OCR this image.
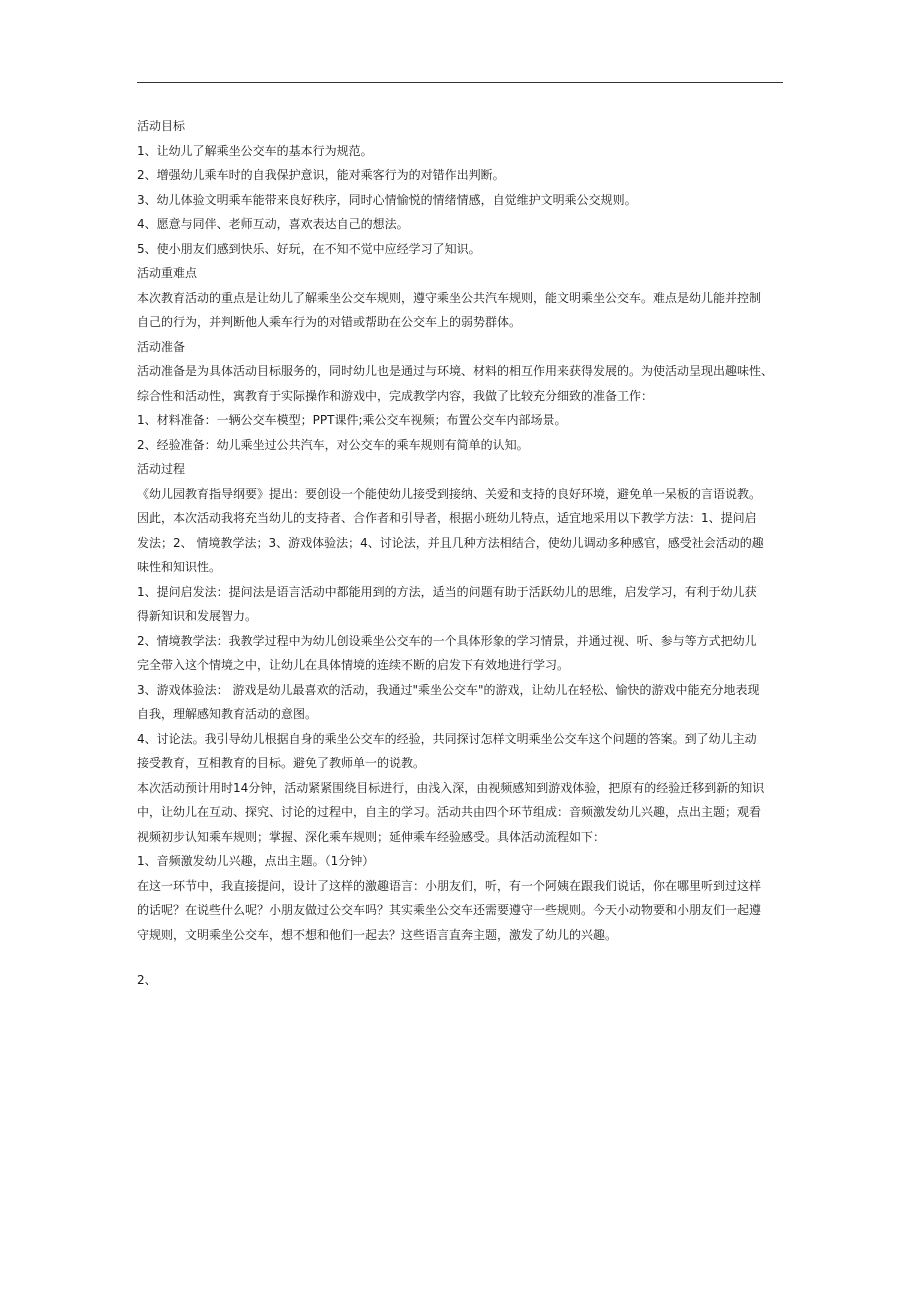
活动目标
1、让幼儿了解乘坐公交车的基本行为规范。
2、增强幼儿乘车时的自我保护意识，能对乘客行为的对错作出判断。
3、幼儿体验文明乘车能带来良好秩序，同时心情愉悦的情绪情感，自觉维护文明乘公交规则。
4、愿意与同伴、老师互动，喜欢表达自己的想法。
5、使小朋友们感到快乐、好玩，在不知不觉中应经学习了知识。
活动重难点
本次教育活动的重点是让幼儿了解乘坐公交车规则，遵守乘坐公共汽车规则，能文明乘坐公交车。难点是幼儿能并控制
自己的行为，并判断他人乘车行为的对错或帮助在公交车上的弱势群体。
活动准备
活动准备是为具体活动目标服务的，同时幼儿也是通过与环境、材料的相互作用来获得发展的。为使活动呈现出趣味性、
综合性和活动性，寓教育于实际操作和游戏中，完成教学内容，我做了比较充分细致的准备工作：
1、材料准备：一辆公交车模型；PPT课件;乘公交车视频；布置公交车内部场景。
2、经验准备：幼儿乘坐过公共汽车，对公交车的乘车规则有简单的认知。
活动过程
《幼儿园教育指导纲要》提出：要创设一个能使幼儿接受到接纳、关爱和支持的良好环境，避免单一呆板的言语说教。
因此，本次活动我将充当幼儿的支持者、合作者和引导者，根据小班幼儿特点，适宜地采用以下教学方法：1、提问启
发法；2、 情境教学法；3、游戏体验法；4、讨论法，并且几种方法相结合，使幼儿调动多种感官，感受社会活动的趣
味性和知识性。
1、提问启发法：提问法是语言活动中都能用到的方法，适当的问题有助于活跃幼儿的思维，启发学习，有利于幼儿获
得新知识和发展智力。
2、情境教学法：我教学过程中为幼儿创设乘坐公交车的一个具体形象的学习情景，并通过视、听、参与等方式把幼儿
完全带入这个情境之中，让幼儿在具体情境的连续不断的启发下有效地进行学习。
3、游戏体验法： 游戏是幼儿最喜欢的活动，我通过"乘坐公交车"的游戏，让幼儿在轻松、愉快的游戏中能充分地表现
自我，理解感知教育活动的意图。
4、讨论法。我引导幼儿根据自身的乘坐公交车的经验，共同探讨怎样文明乘坐公交车这个问题的答案。到了幼儿主动
接受教育，互相教育的目标。避免了教师单一的说教。
本次活动预计用时14分钟，活动紧紧围绕目标进行，由浅入深，由视频感知到游戏体验，把原有的经验迁移到新的知识
中，让幼儿在互动、探究、讨论的过程中，自主的学习。活动共由四个环节组成：音频激发幼儿兴趣，点出主题；观看
视频初步认知乘车规则；掌握、深化乘车规则；延伸乘车经验感受。具体活动流程如下：
1、音频激发幼儿兴趣，点出主题。（1分钟）
在这一环节中，我直接提问，设计了这样的激趣语言：小朋友们，听，有一个阿姨在跟我们说话，你在哪里听到过这样
的话呢？在说些什么呢？小朋友做过公交车吗？其实乘坐公交车还需要遵守一些规则。今天小动物要和小朋友们一起遵
守规则，文明乘坐公交车，想不想和他们一起去？这些语言直奔主题，激发了幼儿的兴趣。
2、
